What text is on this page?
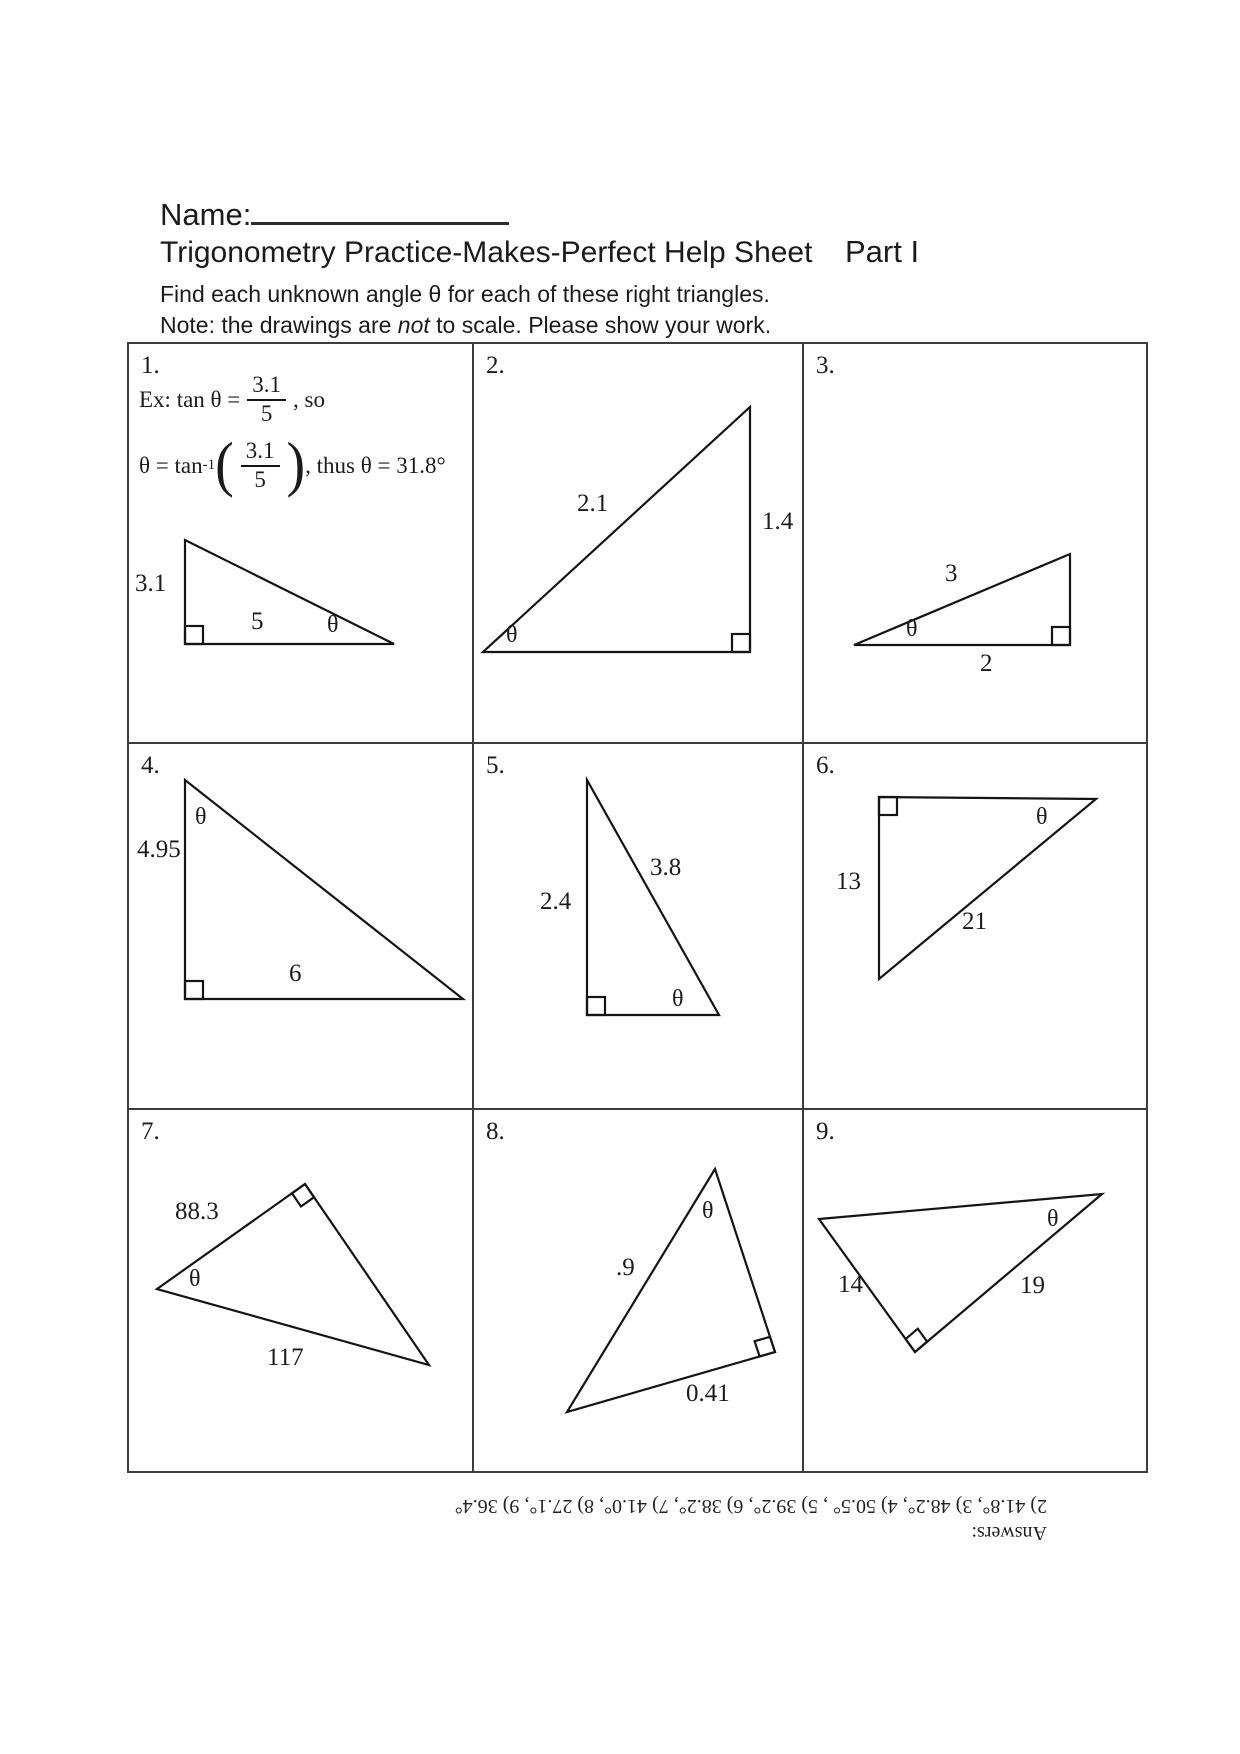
Name:
Trigonometry Practice-Makes-Perfect Help Sheet Part I
Find each unknown angle θ for each of these right triangles.
Note: the drawings are not to scale. Please show your work.
1.
Ex: $\tan \theta = \frac{3.1}{5}$ , so
θ = tan -1 ( $\frac{3.1}{5}$ ) , thus θ = 31.8°
3.1
5	θ
2.
2.1
1.4
θ
3.
3
2
θ
4.
4.95
6
θ
5.
2.4
3.8
θ
6.
13
21
θ
7.
88.3
117
θ
8.
.9
0.41
θ
9.
14	19
θ
Answers:
2) 41.8°, 3) 48.2°, 4) 50.5° , 5) 39.2°, 6) 38.2°, 7) 41.0°, 8) 27.1°, 9) 36.4°
